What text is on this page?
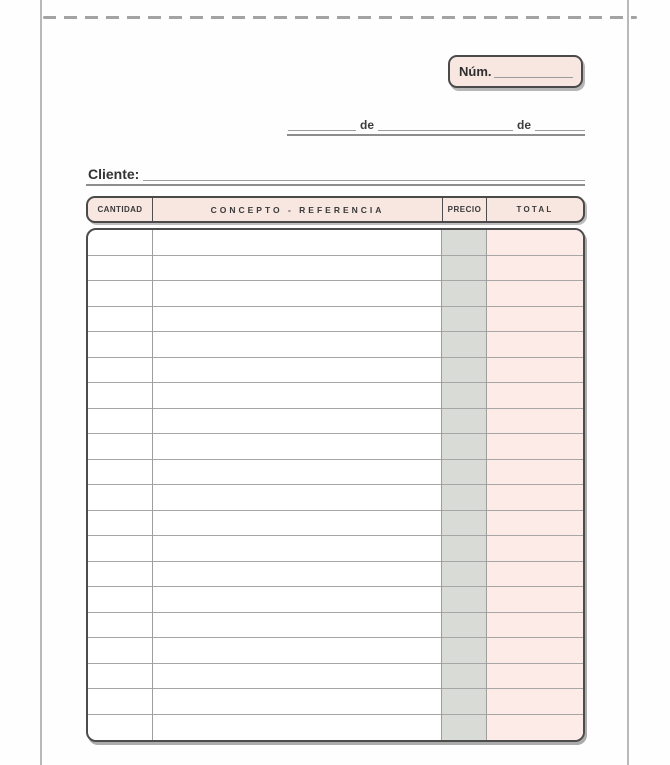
Núm.
de	de
Cliente:
CANTIDAD	CONCEPTO - REFERENCIA	PRECIO	TOTAL
